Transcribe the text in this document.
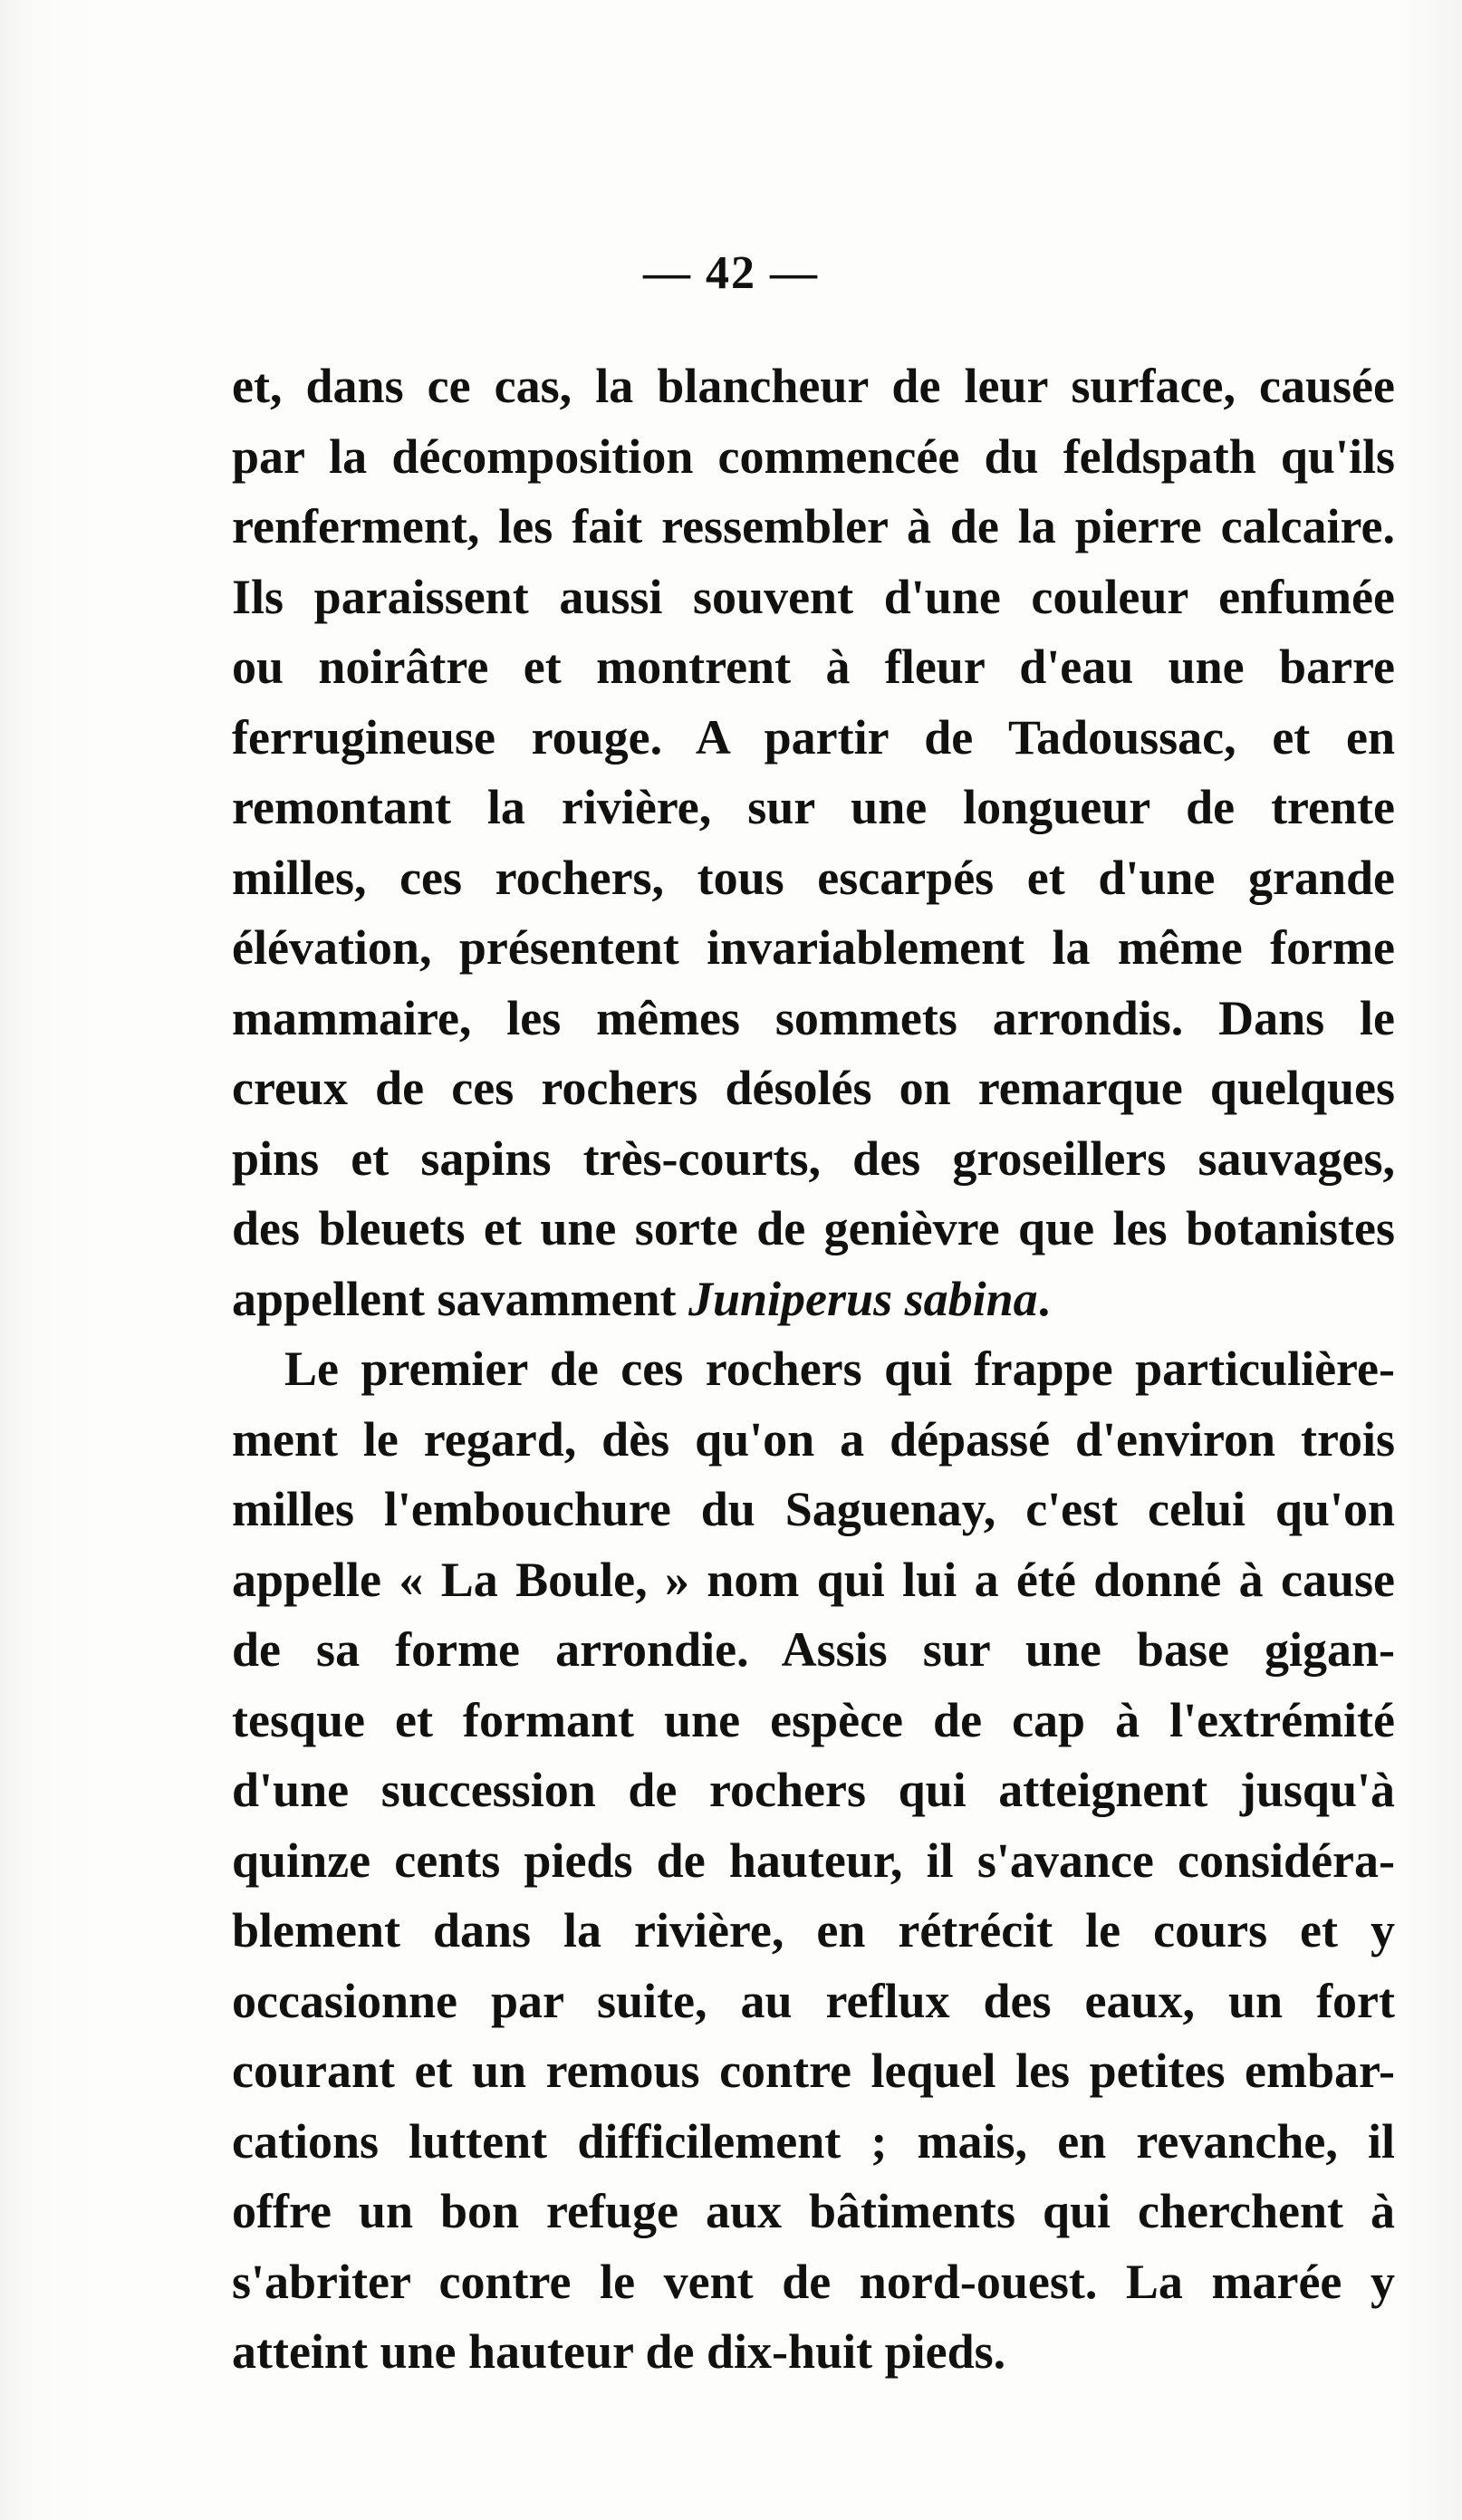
— 42 —
et, dans ce cas, la blancheur de leur surface, causée
par la décomposition commencée du feldspath qu'ils
renferment, les fait ressembler à de la pierre calcaire.
Ils paraissent aussi souvent d'une couleur enfumée
ou noirâtre et montrent à fleur d'eau une barre
ferrugineuse rouge. A partir de Tadoussac, et en
remontant la rivière, sur une longueur de trente
milles, ces rochers, tous escarpés et d'une grande
élévation, présentent invariablement la même forme
mammaire, les mêmes sommets arrondis. Dans le
creux de ces rochers désolés on remarque quelques
pins et sapins très-courts, des groseillers sauvages,
des bleuets et une sorte de genièvre que les botanistes
appellent savamment Juniperus sabina.
Le premier de ces rochers qui frappe particulière-
ment le regard, dès qu'on a dépassé d'environ trois
milles l'embouchure du Saguenay, c'est celui qu'on
appelle « La Boule, » nom qui lui a été donné à cause
de sa forme arrondie. Assis sur une base gigan-
tesque et formant une espèce de cap à l'extrémité
d'une succession de rochers qui atteignent jusqu'à
quinze cents pieds de hauteur, il s'avance considéra-
blement dans la rivière, en rétrécit le cours et y
occasionne par suite, au reflux des eaux, un fort
courant et un remous contre lequel les petites embar-
cations luttent difficilement ; mais, en revanche, il
offre un bon refuge aux bâtiments qui cherchent à
s'abriter contre le vent de nord-ouest. La marée y
atteint une hauteur de dix-huit pieds.
